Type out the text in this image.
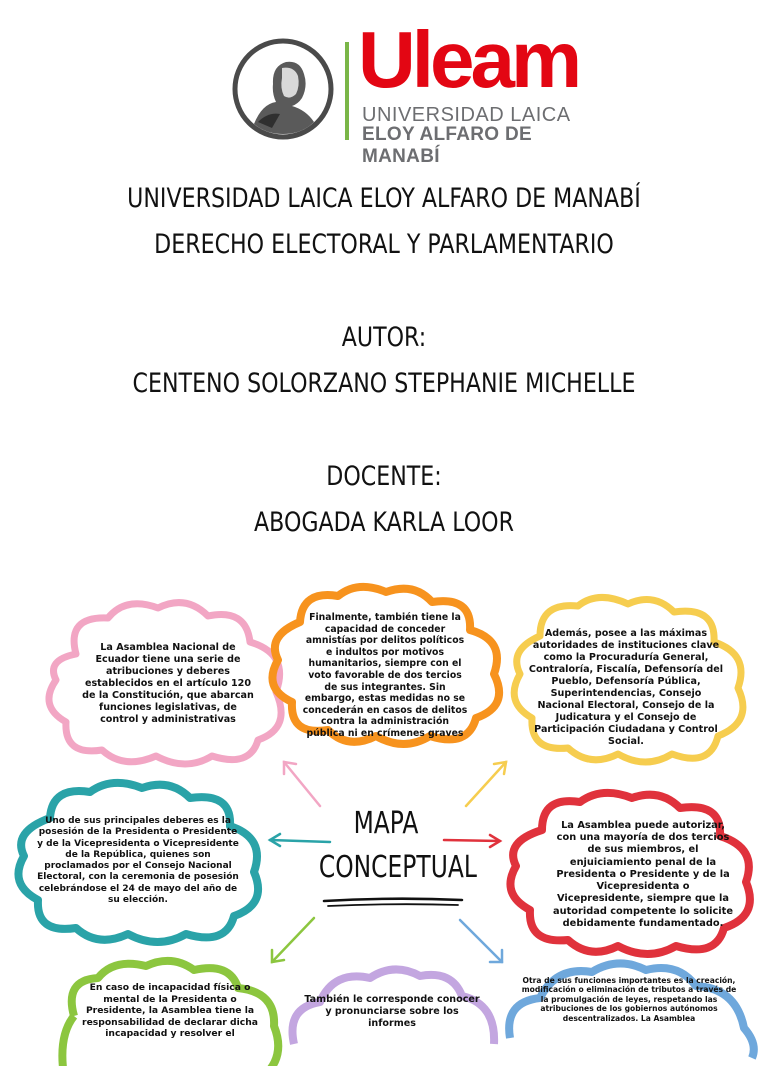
Uleam
UNIVERSIDAD LAICA
ELOY ALFARO DE MANABÍ
UNIVERSIDAD LAICA ELOY ALFARO DE MANABÍ
DERECHO ELECTORAL Y PARLAMENTARIO
AUTOR:
CENTENO SOLORZANO STEPHANIE MICHELLE
DOCENTE:
ABOGADA KARLA LOOR
La Asamblea Nacional de Ecuador tiene una serie de atribuciones y deberes establecidos en el artículo 120 de la Constitución, que abarcan funciones legislativas, de control y administrativas
Finalmente, también tiene la capacidad de conceder amnistías por delitos políticos e indultos por motivos humanitarios, siempre con el voto favorable de dos tercios de sus integrantes. Sin embargo, estas medidas no se concederán en casos de delitos contra la administración pública ni en crímenes graves
Además, posee a las máximas autoridades de instituciones clave como la Procuraduría General, Contraloría, Fiscalía, Defensoría del Pueblo, Defensoría Pública, Superintendencias, Consejo Nacional Electoral, Consejo de la Judicatura y el Consejo de Participación Ciudadana y Control Social.
Uno de sus principales deberes es la posesión de la Presidenta o Presidente y de la Vicepresidenta o Vicepresidente de la República, quienes son proclamados por el Consejo Nacional Electoral, con la ceremonia de posesión celebrándose el 24 de mayo del año de su elección.
La Asamblea puede autorizar, con una mayoría de dos tercios de sus miembros, el enjuiciamiento penal de la Presidenta o Presidente y de la Vicepresidenta o Vicepresidente, siempre que la autoridad competente lo solicite debidamente fundamentado.
En caso de incapacidad física o mental de la Presidenta o Presidente, la Asamblea tiene la responsabilidad de declarar dicha incapacidad y resolver el
También le corresponde conocer y pronunciarse sobre los informes
Otra de sus funciones importantes es la creación, modificación o eliminación de tributos a través de la promulgación de leyes, respetando las atribuciones de los gobiernos autónomos descentralizados. La Asamblea
MAPA
CONCEPTUAL
